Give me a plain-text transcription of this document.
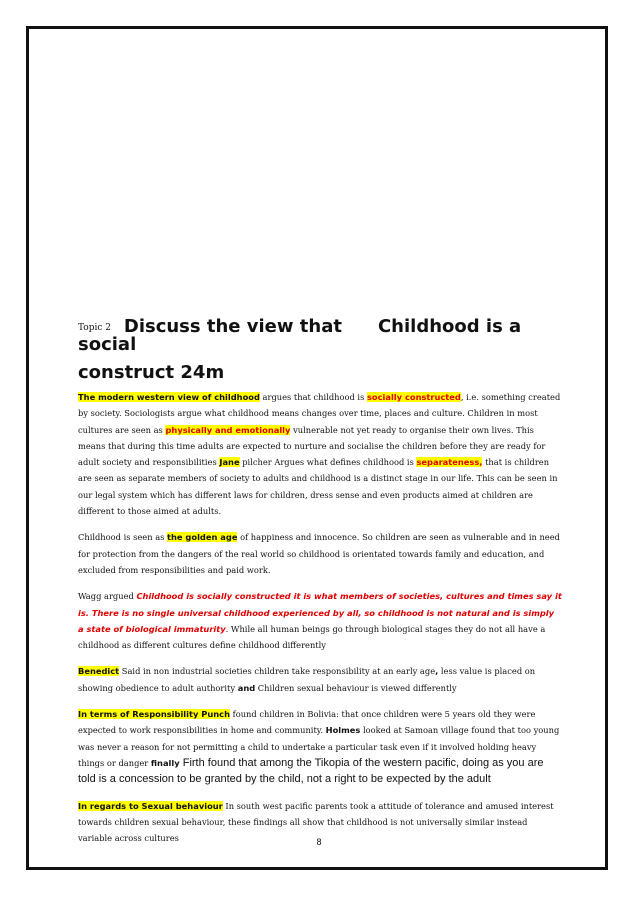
Topic 2 Discuss the view that Childhood is a social
construct 24m

The modern western view of childhood argues that childhood is socially constructed, i.e. something created by society. Sociologists argue what childhood means changes over time, places and culture. Children in most cultures are seen as physically and emotionally vulnerable not yet ready to organise their own lives. This means that during this time adults are expected to nurture and socialise the children before they are ready for adult society and responsibilities Jane pilcher Argues what defines childhood is separateness, that is children are seen as separate members of society to adults and childhood is a distinct stage in our life. This can be seen in our legal system which has different laws for children, dress sense and even products aimed at children are different to those aimed at adults.

Childhood is seen as the golden age of happiness and innocence. So children are seen as vulnerable and in need for protection from the dangers of the real world so childhood is orientated towards family and education, and excluded from responsibilities and paid work.

Wagg argued Childhood is socially constructed it is what members of societies, cultures and times say it is. There is no single universal childhood experienced by all, so childhood is not natural and is simply a state of biological immaturity. While all human beings go through biological stages they do not all have a childhood as different cultures define childhood differently

Benedict Said in non industrial societies children take responsibility at an early age, less value is placed on showing obedience to adult authority and Children sexual behaviour is viewed differently

In terms of Responsibility Punch found children in Bolivia: that once children were 5 years old they were expected to work responsibilities in home and community. Holmes looked at Samoan village found that too young was never a reason for not permitting a child to undertake a particular task even if it involved holding heavy things or danger finally Firth found that among the Tikopia of the western pacific, doing as you are told is a concession to be granted by the child, not a right to be expected by the adult

In regards to Sexual behaviour In south west pacific parents took a attitude of tolerance and amused interest towards children sexual behaviour, these findings all show that childhood is not universally similar instead variable across cultures	8
